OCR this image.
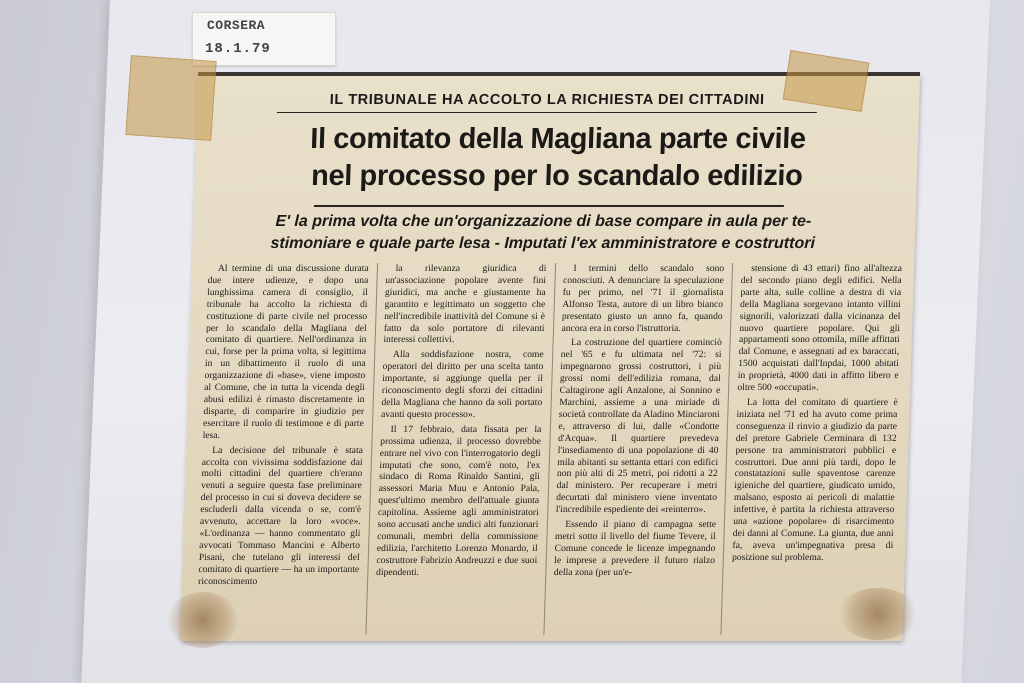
CORSERA
18.1.79
IL TRIBUNALE HA ACCOLTO LA RICHIESTA DEI CITTADINI
Il comitato della Magliana parte civile
nel processo per lo scandalo edilizio
E' la prima volta che un'organizzazione di base compare in aula per te-
stimoniare e quale parte lesa - Imputati l'ex amministratore e costruttori

Al termine di una discussione durata due intere udienze, e dopo una lunghissima camera di consiglio, il tribunale ha accolto la richiesta di costituzione di parte civile nel processo per lo scandalo della Magliana del comitato di quartiere. Nell'ordinanza in cui, forse per la prima volta, si legittima in un dibattimento il ruolo di una organizzazione di «base», viene imposto al Comune, che in tutta la vicenda degli abusi edilizi è rimasto discretamente in disparte, di comparire in giudizio per esercitare il ruolo di testimone e di parte lesa.

La decisione del tribunale è stata accolta con vivissima soddisfazione dai molti cittadini del quartiere ch'erano venuti a seguire questa fase preliminare del processo in cui si doveva decidere se escluderli dalla vicenda o se, com'è avvenuto, accettare la loro «voce». «L'ordinanza — hanno commentato gli avvocati Tommaso Mancini e Alberto Pisani, che tutelano gli interessi del comitato di quartiere — ha un importante riconoscimento

la rilevanza giuridica di un'associazione popolare avente fini giuridici, ma anche e giustamente ha garantito e legittimato un soggetto che nell'incredibile inattività del Comune si è fatto da solo portatore di rilevanti interessi collettivi.

Alla soddisfazione nostra, come operatori del diritto per una scelta tanto importante, si aggiunge quella per il riconoscimento degli sforzi dei cittadini della Magliana che hanno da soli portato avanti questo processo».

Il 17 febbraio, data fissata per la prossima udienza, il processo dovrebbe entrare nel vivo con l'interrogatorio degli imputati che sono, com'è noto, l'ex sindaco di Roma Rinaldo Santini, gli assessori Maria Muu e Antonio Pala, quest'ultimo membro dell'attuale giunta capitolina. Assieme agli amministratori sono accusati anche undici alti funzionari comunali, membri della commissione edilizia, l'architetto Lorenzo Monardo, il costruttore Fabrizio Andreuzzi e due suoi dipendenti.

I termini dello scandalo sono conosciuti. A denunciare la speculazione fu per primo, nel '71 il giornalista Alfonso Testa, autore di un libro bianco presentato giusto un anno fa, quando ancora era in corso l'istruttoria.

La costruzione del quartiere cominciò nel '65 e fu ultimata nel '72: si impegnarono grossi costruttori, i più grossi nomi dell'edilizia romana, dal Caltagirone agli Anzalone, ai Sonnino e Marchini, assieme a una miriade di società controllate da Aladino Minciaroni e, attraverso di lui, dalle «Condotte d'Acqua». Il quartiere prevedeva l'insediamento di una popolazione di 40 mila abitanti su settanta ettari con edifici non più alti di 25 metri, poi ridotti a 22 dal ministero. Per recuperare i metri decurtati dal ministero viene inventato l'incredibile espediente dei «reinterro».

Essendo il piano di campagna sette metri sotto il livello del fiume Tevere, il Comune concede le licenze impegnando le imprese a prevedere il futuro rialzo della zona (per un'e-

stensione di 43 ettari) fino all'altezza del secondo piano degli edifici. Nella parte alta, sulle colline a destra di via della Magliana sorgevano intanto villini signorili, valorizzati dalla vicinanza del nuovo quartiere popolare. Qui gli appartamenti sono ottomila, mille affittati dal Comune, e assegnati ad ex baraccati, 1500 acquistati dall'Inpdai, 1000 abitati in proprietà, 4000 dati in affitto libero e oltre 500 «occupati».

La lotta del comitato di quartiere è iniziata nel '71 ed ha avuto come prima conseguenza il rinvio a giudizio da parte del pretore Gabriele Cerminara di 132 persone tra amministratori pubblici e costruttori. Due anni più tardi, dopo le constatazioni sulle spaventose carenze igieniche del quartiere, giudicato umido, malsano, esposto ai pericoli di malattie infettive, è partita la richiesta attraverso una «azione popolare» di risarcimento dei danni al Comune. La giunta, due anni fa, aveva un'impegnativa presa di posizione sul problema.
